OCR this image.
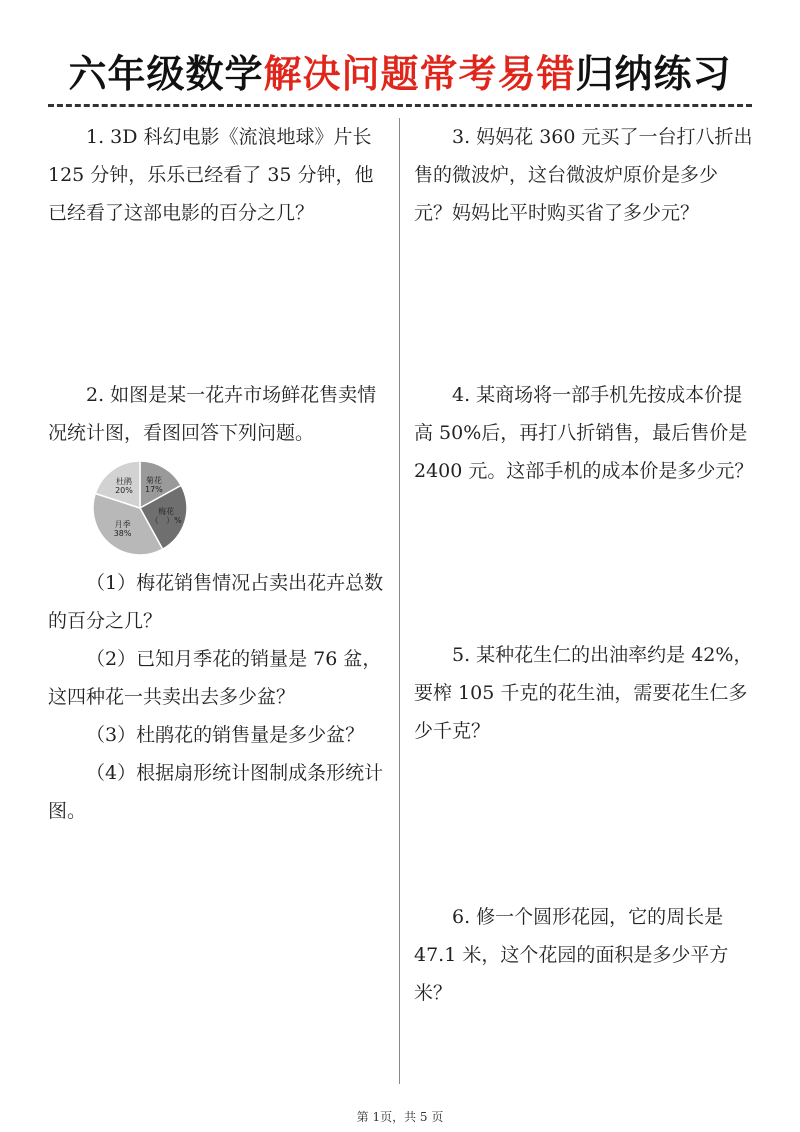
六年级数学解决问题常考易错归纳练习

1. 3D 科幻电影《流浪地球》片长125 分钟，乐乐已经看了 35 分钟，他已经看了这部电影的百分之几？

2. 如图是某一花卉市场鲜花售卖情况统计图，看图回答下列问题。

菊花
17%
梅花
（   ）%
月季
38%
杜鹃
20%

（1）梅花销售情况占卖出花卉总数的百分之几？

（2）已知月季花的销量是 76 盆，这四种花一共卖出去多少盆？

（3）杜鹃花的销售量是多少盆？

（4）根据扇形统计图制成条形统计图。

3. 妈妈花 360 元买了一台打八折出售的微波炉，这台微波炉原价是多少元？妈妈比平时购买省了多少元？

4. 某商场将一部手机先按成本价提高 50%后，再打八折销售，最后售价是2400 元。这部手机的成本价是多少元？

5. 某种花生仁的出油率约是 42%，要榨 105 千克的花生油，需要花生仁多少千克？

6. 修一个圆形花园，它的周长是47.1 米，这个花园的面积是多少平方米？

第 1页，共 5 页
